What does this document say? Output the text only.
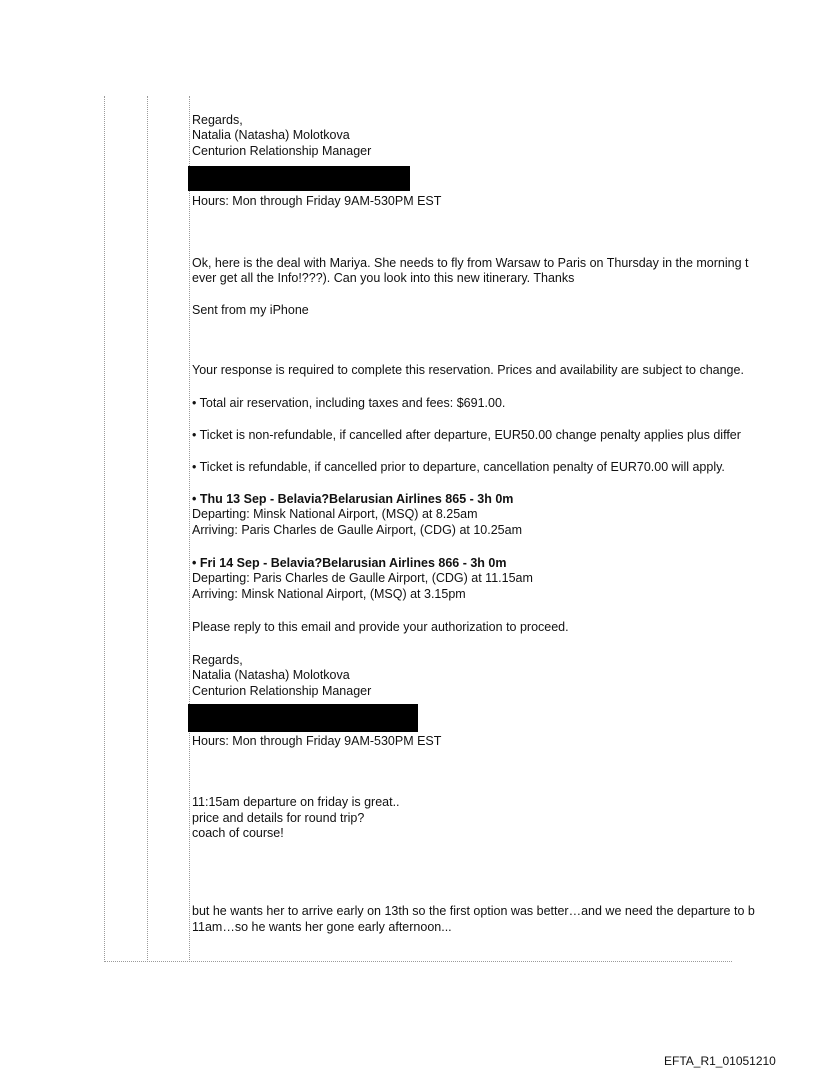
Regards,
Natalia (Natasha) Molotkova
Centurion Relationship Manager
Hours: Mon through Friday 9AM-530PM EST
Ok, here is the deal with Mariya. She needs to fly from Warsaw to Paris on Thursday in the morning t
ever get all the Info!???). Can you look into this new itinerary. Thanks
Sent from my iPhone
Your response is required to complete this reservation. Prices and availability are subject to change.
• Total air reservation, including taxes and fees: $691.00.
• Ticket is non-refundable, if cancelled after departure, EUR50.00 change penalty applies plus differ
• Ticket is refundable, if cancelled prior to departure, cancellation penalty of EUR70.00 will apply.
• Thu 13 Sep - Belavia?Belarusian Airlines 865 - 3h 0m
Departing: Minsk National Airport, (MSQ) at 8.25am
Arriving: Paris Charles de Gaulle Airport, (CDG) at 10.25am
• Fri 14 Sep - Belavia?Belarusian Airlines 866 - 3h 0m
Departing: Paris Charles de Gaulle Airport, (CDG) at 11.15am
Arriving: Minsk National Airport, (MSQ) at 3.15pm
Please reply to this email and provide your authorization to proceed.
Regards,
Natalia (Natasha) Molotkova
Centurion Relationship Manager
Hours: Mon through Friday 9AM-530PM EST
11:15am departure on friday is great..
price and details for round trip?
coach of course!
but he wants her to arrive early on 13th so the first option was better…and we need the departure to b
11am…so he wants her gone early afternoon...
EFTA_R1_01051210
